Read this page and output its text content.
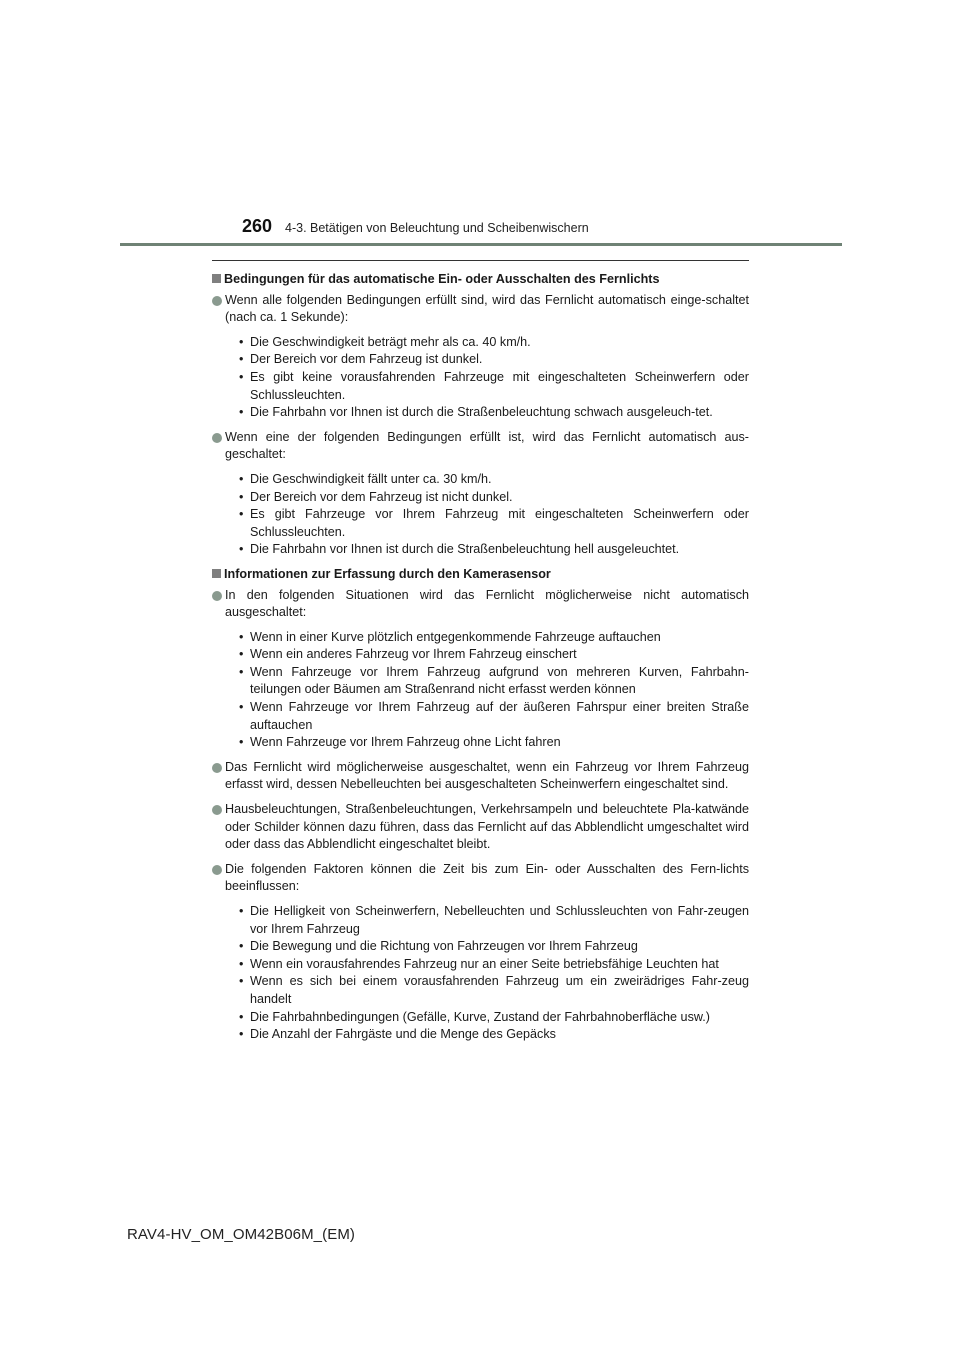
260 4-3. Betätigen von Beleuchtung und Scheibenwischern
Bedingungen für das automatische Ein- oder Ausschalten des Fernlichts
Wenn alle folgenden Bedingungen erfüllt sind, wird das Fernlicht automatisch einge-schaltet (nach ca. 1 Sekunde):
• Die Geschwindigkeit beträgt mehr als ca. 40 km/h.
• Der Bereich vor dem Fahrzeug ist dunkel.
• Es gibt keine vorausfahrenden Fahrzeuge mit eingeschalteten Scheinwerfern oder Schlussleuchten.
• Die Fahrbahn vor Ihnen ist durch die Straßenbeleuchtung schwach ausgeleuch-tet.
Wenn eine der folgenden Bedingungen erfüllt ist, wird das Fernlicht automatisch aus-geschaltet:
• Die Geschwindigkeit fällt unter ca. 30 km/h.
• Der Bereich vor dem Fahrzeug ist nicht dunkel.
• Es gibt Fahrzeuge vor Ihrem Fahrzeug mit eingeschalteten Scheinwerfern oder Schlussleuchten.
• Die Fahrbahn vor Ihnen ist durch die Straßenbeleuchtung hell ausgeleuchtet.
Informationen zur Erfassung durch den Kamerasensor
In den folgenden Situationen wird das Fernlicht möglicherweise nicht automatisch ausgeschaltet:
• Wenn in einer Kurve plötzlich entgegenkommende Fahrzeuge auftauchen
• Wenn ein anderes Fahrzeug vor Ihrem Fahrzeug einschert
• Wenn Fahrzeuge vor Ihrem Fahrzeug aufgrund von mehreren Kurven, Fahrbahn-teilungen oder Bäumen am Straßenrand nicht erfasst werden können
• Wenn Fahrzeuge vor Ihrem Fahrzeug auf der äußeren Fahrspur einer breiten Straße auftauchen
• Wenn Fahrzeuge vor Ihrem Fahrzeug ohne Licht fahren
Das Fernlicht wird möglicherweise ausgeschaltet, wenn ein Fahrzeug vor Ihrem Fahrzeug erfasst wird, dessen Nebelleuchten bei ausgeschalteten Scheinwerfern eingeschaltet sind.
Hausbeleuchtungen, Straßenbeleuchtungen, Verkehrsampeln und beleuchtete Pla-katwände oder Schilder können dazu führen, dass das Fernlicht auf das Abblendlicht umgeschaltet wird oder dass das Abblendlicht eingeschaltet bleibt.
Die folgenden Faktoren können die Zeit bis zum Ein- oder Ausschalten des Fern-lichts beeinflussen:
• Die Helligkeit von Scheinwerfern, Nebelleuchten und Schlussleuchten von Fahr-zeugen vor Ihrem Fahrzeug
• Die Bewegung und die Richtung von Fahrzeugen vor Ihrem Fahrzeug
• Wenn ein vorausfahrendes Fahrzeug nur an einer Seite betriebsfähige Leuchten hat
• Wenn es sich bei einem vorausfahrenden Fahrzeug um ein zweirädriges Fahr-zeug handelt
• Die Fahrbahnbedingungen (Gefälle, Kurve, Zustand der Fahrbahnoberfläche usw.)
• Die Anzahl der Fahrgäste und die Menge des Gepäcks
RAV4-HV_OM_OM42B06M_(EM)
